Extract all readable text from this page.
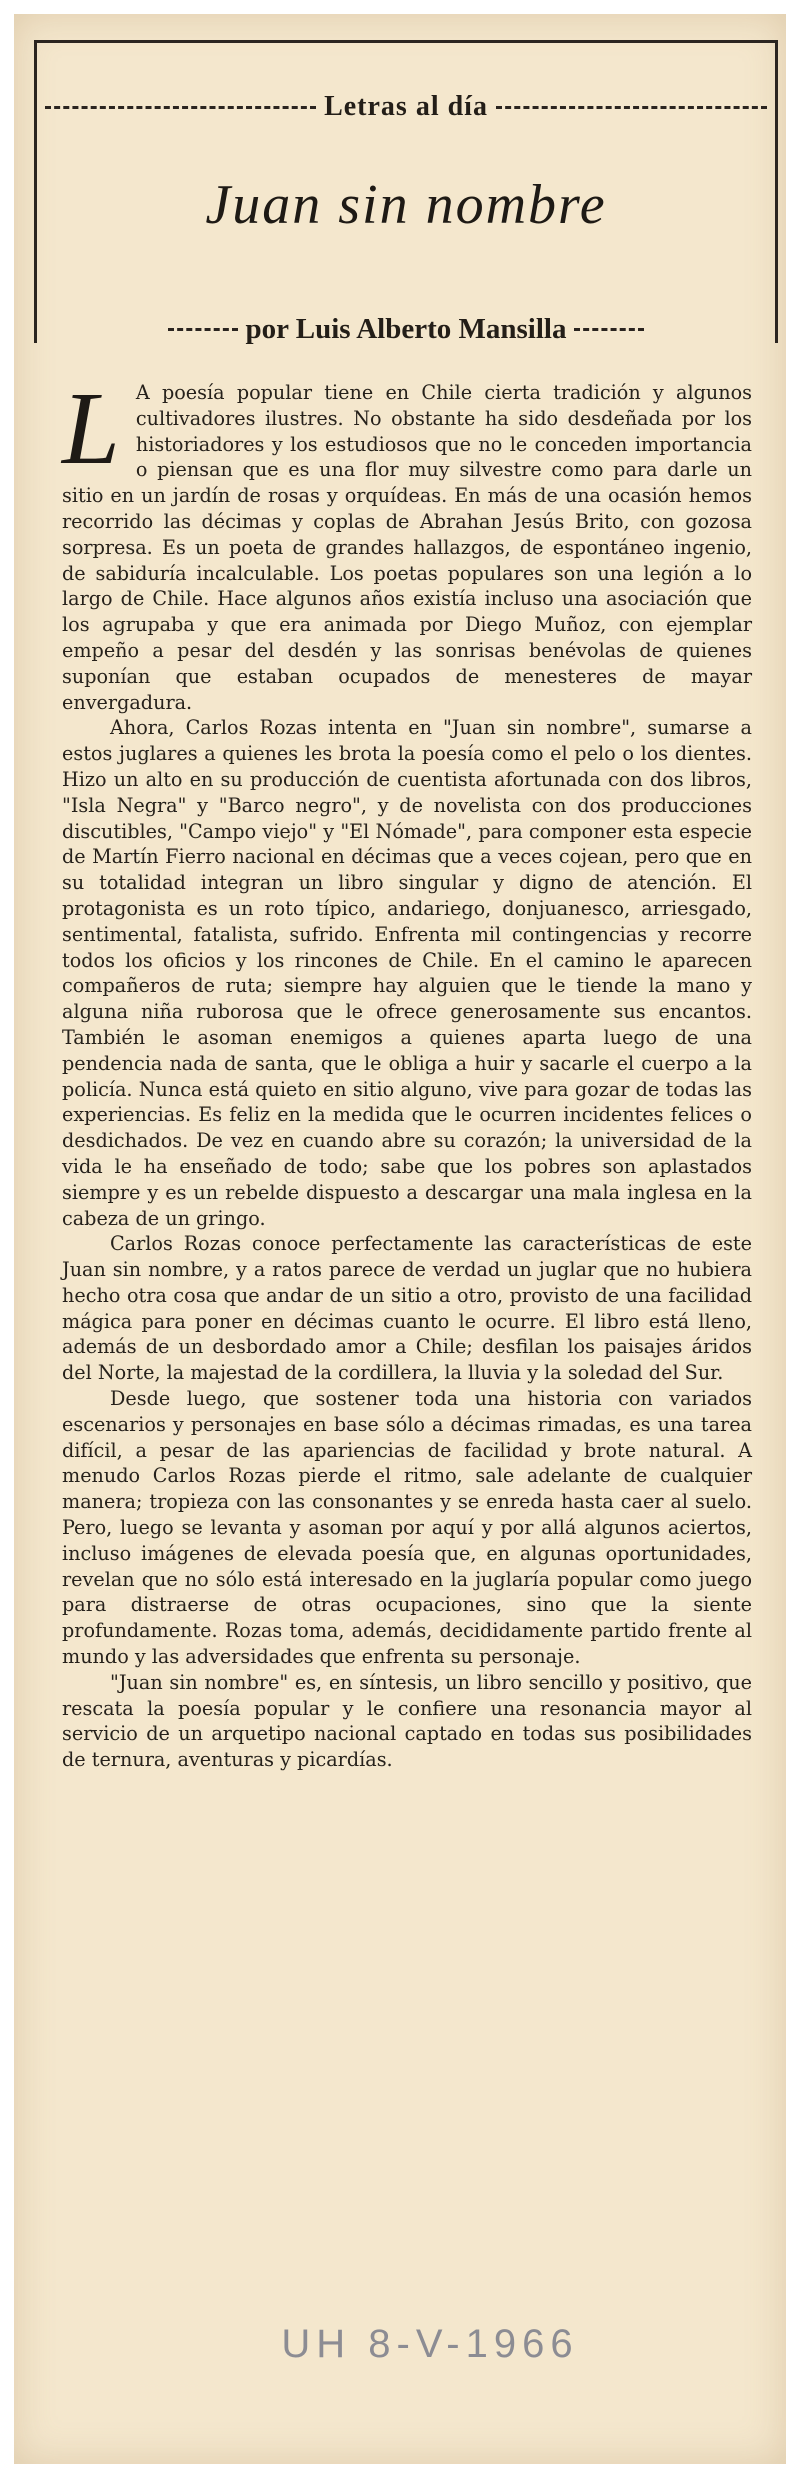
Letras al día
Juan sin nombre
por Luis Alberto Mansilla

L A poesía popular tiene en Chile cierta tradición y algunos cultivadores ilustres. No obstante ha sido desdeñada por los historiadores y los estudiosos que no le conceden importancia o piensan que es una flor muy silvestre como para darle un sitio en un jardín de rosas y orquídeas. En más de una ocasión hemos recorrido las décimas y coplas de Abrahan Jesús Brito, con gozosa sorpresa. Es un poeta de grandes hallazgos, de espontáneo ingenio, de sabiduría incalculable. Los poetas populares son una legión a lo largo de Chile. Hace algunos años existía incluso una asociación que los agrupaba y que era animada por Diego Muñoz, con ejemplar empeño a pesar del desdén y las sonrisas benévolas de quienes suponían que estaban ocupados de menesteres de mayar envergadura.

Ahora, Carlos Rozas intenta en "Juan sin nombre", sumarse a estos juglares a quienes les brota la poesía como el pelo o los dientes. Hizo un alto en su producción de cuentista afortunada con dos libros, "Isla Negra" y "Barco negro", y de novelista con dos producciones discutibles, "Campo viejo" y "El Nómade", para componer esta especie de Martín Fierro nacional en décimas que a veces cojean, pero que en su totalidad integran un libro singular y digno de atención. El protagonista es un roto típico, andariego, donjuanesco, arriesgado, sentimental, fatalista, sufrido. Enfrenta mil contingencias y recorre todos los oficios y los rincones de Chile. En el camino le aparecen compañeros de ruta; siempre hay alguien que le tiende la mano y alguna niña ruborosa que le ofrece generosamente sus encantos. También le asoman enemigos a quienes aparta luego de una pendencia nada de santa, que le obliga a huir y sacarle el cuerpo a la policía. Nunca está quieto en sitio alguno, vive para gozar de todas las experiencias. Es feliz en la medida que le ocurren incidentes felices o desdichados. De vez en cuando abre su corazón; la universidad de la vida le ha enseñado de todo; sabe que los pobres son aplastados siempre y es un rebelde dispuesto a descargar una mala inglesa en la cabeza de un gringo.

Carlos Rozas conoce perfectamente las características de este Juan sin nombre, y a ratos parece de verdad un juglar que no hubiera hecho otra cosa que andar de un sitio a otro, provisto de una facilidad mágica para poner en décimas cuanto le ocurre. El libro está lleno, además de un desbordado amor a Chile; desfilan los paisajes áridos del Norte, la majestad de la cordillera, la lluvia y la soledad del Sur.

Desde luego, que sostener toda una historia con variados escenarios y personajes en base sólo a décimas rimadas, es una tarea difícil, a pesar de las apariencias de facilidad y brote natural. A menudo Carlos Rozas pierde el ritmo, sale adelante de cualquier manera; tropieza con las consonantes y se enreda hasta caer al suelo. Pero, luego se levanta y asoman por aquí y por allá algunos aciertos, incluso imágenes de elevada poesía que, en algunas oportunidades, revelan que no sólo está interesado en la juglaría popular como juego para distraerse de otras ocupaciones, sino que la siente profundamente. Rozas toma, además, decididamente partido frente al mundo y las adversidades que enfrenta su personaje.

"Juan sin nombre" es, en síntesis, un libro sencillo y positivo, que rescata la poesía popular y le confiere una resonancia mayor al servicio de un arquetipo nacional captado en todas sus posibilidades de ternura, aventuras y picardías.

UH 8-V-1966
